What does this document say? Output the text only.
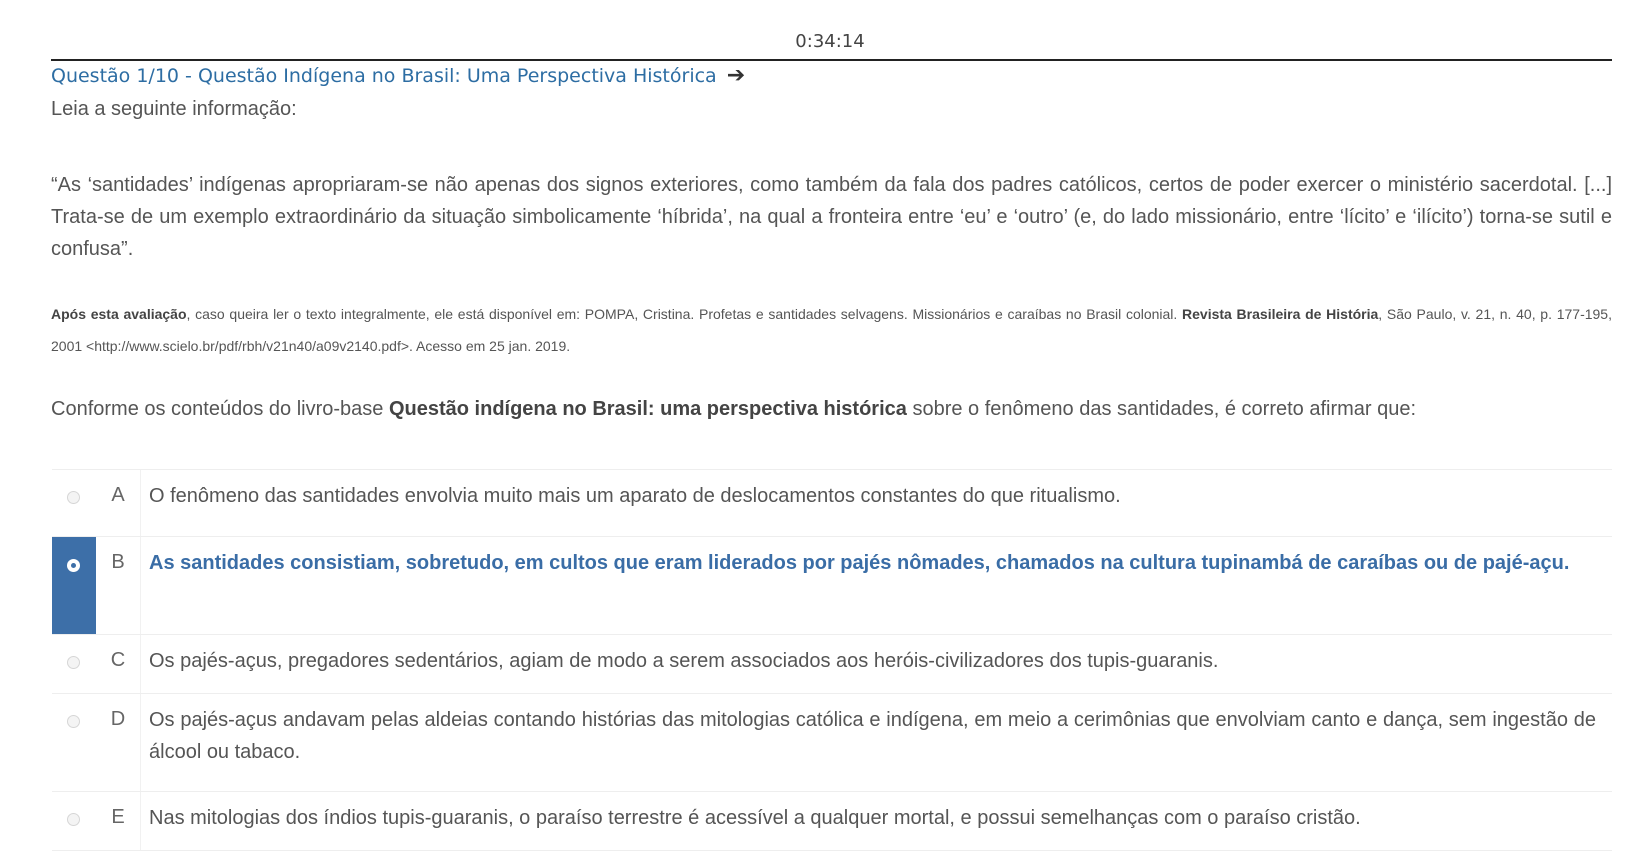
0:34:14
Questão 1/10 - Questão Indígena no Brasil: Uma Perspectiva Histórica ➔
Leia a seguinte informação:
“As ‘santidades’ indígenas apropriaram-se não apenas dos signos exteriores, como também da fala dos padres católicos, certos de poder exercer o ministério sacerdotal. [...] Trata-se de um exemplo extraordinário da situação simbolicamente ‘híbrida’, na qual a fronteira entre ‘eu’ e ‘outro’ (e, do lado missionário, entre ‘lícito’ e ‘ilícito’) torna-se sutil e confusa”.
Após esta avaliação, caso queira ler o texto integralmente, ele está disponível em: POMPA, Cristina. Profetas e santidades selvagens. Missionários e caraíbas no Brasil colonial. Revista Brasileira de História, São Paulo, v. 21, n. 40, p. 177-195, 2001 <http://www.scielo.br/pdf/rbh/v21n40/a09v2140.pdf>. Acesso em 25 jan. 2019.
Conforme os conteúdos do livro-base Questão indígena no Brasil: uma perspectiva histórica sobre o fenômeno das santidades, é correto afirmar que:
A	O fenômeno das santidades envolvia muito mais um aparato de deslocamentos constantes do que ritualismo.
B	As santidades consistiam, sobretudo, em cultos que eram liderados por pajés nômades, chamados na cultura tupinambá de caraíbas ou de pajé-açu.
C	Os pajés-açus, pregadores sedentários, agiam de modo a serem associados aos heróis-civilizadores dos tupis-guaranis.
D	Os pajés-açus andavam pelas aldeias contando histórias das mitologias católica e indígena, em meio a cerimônias que envolviam canto e dança, sem ingestão de álcool ou tabaco.
E	Nas mitologias dos índios tupis-guaranis, o paraíso terrestre é acessível a qualquer mortal, e possui semelhanças com o paraíso cristão.
